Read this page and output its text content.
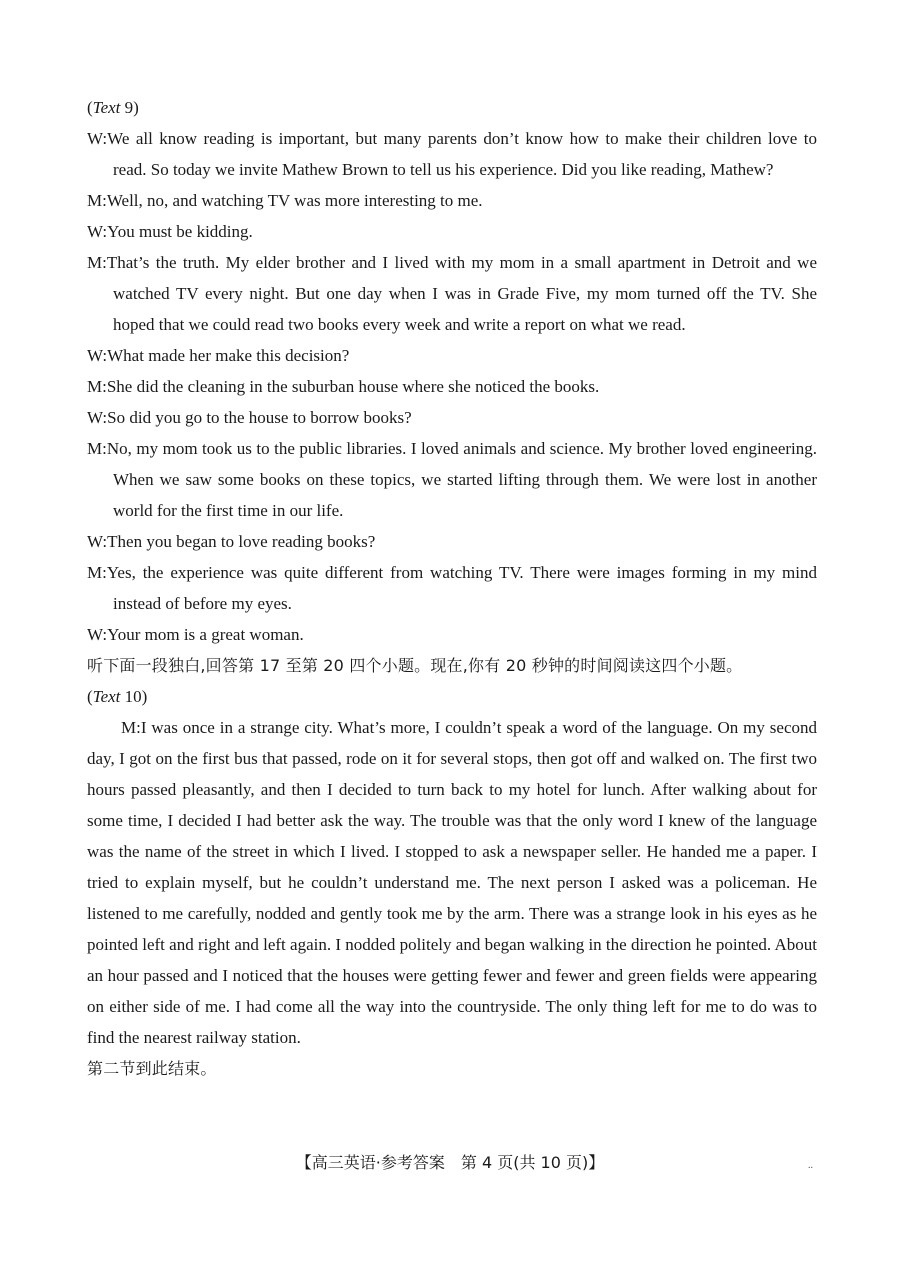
(Text 9)

W:We all know reading is important, but many parents don’t know how to make their children love to read. So today we invite Mathew Brown to tell us his experience. Did you like reading, Mathew?

M:Well, no, and watching TV was more interesting to me.

W:You must be kidding.

M:That’s the truth. My elder brother and I lived with my mom in a small apartment in Detroit and we watched TV every night. But one day when I was in Grade Five, my mom turned off the TV. She hoped that we could read two books every week and write a report on what we read.

W:What made her make this decision?

M:She did the cleaning in the suburban house where she noticed the books.

W:So did you go to the house to borrow books?

M:No, my mom took us to the public libraries. I loved animals and science. My brother loved engineering. When we saw some books on these topics, we started lifting through them. We were lost in another world for the first time in our life.

W:Then you began to love reading books?

M:Yes, the experience was quite different from watching TV. There were images forming in my mind instead of before my eyes.

W:Your mom is a great woman.

听下面一段独白,回答第 17 至第 20 四个小题。现在,你有 20 秒钟的时间阅读这四个小题。

(Text 10)

M:I was once in a strange city. What’s more, I couldn’t speak a word of the language. On my second day, I got on the first bus that passed, rode on it for several stops, then got off and walked on. The first two hours passed pleasantly, and then I decided to turn back to my hotel for lunch. After walking about for some time, I decided I had better ask the way. The trouble was that the only word I knew of the language was the name of the street in which I lived. I stopped to ask a newspaper seller. He handed me a paper. I tried to explain myself, but he couldn’t understand me. The next person I asked was a policeman. He listened to me carefully, nodded and gently took me by the arm. There was a strange look in his eyes as he pointed left and right and left again. I nodded politely and began walking in the direction he pointed. About an hour passed and I noticed that the houses were getting fewer and fewer and green fields were appearing on either side of me. I had come all the way into the countryside. The only thing left for me to do was to find the nearest railway station.

第二节到此结束。

【高三英语·参考答案　第 4 页(共 10 页)】	..
